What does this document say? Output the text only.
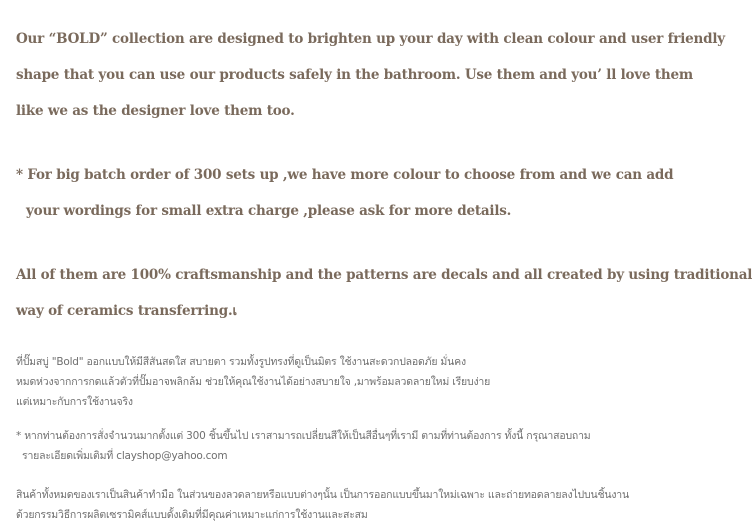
Our “BOLD” collection are designed to brighten up your day with clean colour and user friendly

shape that you can use our products safely in the bathroom. Use them and you’ ll love them

like we as the designer love them too.

* For big batch order of 300 sets up ,we have more colour to choose from and we can add

your wordings for small extra charge ,please ask for more details.

All of them are 100% craftsmanship and the patterns are decals and all created by using traditional

way of ceramics transferring.เ

ที่ปั๊มสบู่ "Bold" ออกแบบให้มีสีสันสดใส สบายตา รวมทั้งรูปทรงที่ดูเป็นมิตร ใช้งานสะดวกปลอดภัย มั่นคง
หมดห่วงจากการกดแล้วตัวที่ปั๊มอาจพลิกล้ม ช่วยให้คุณใช้งานได้อย่างสบายใจ ,มาพร้อมลวดลายใหม่ เรียบง่าย
แต่เหมาะกับการใช้งานจริง

* หากท่านต้องการสั่งจำนวนมากตั้งแต่ 300 ชิ้นขึ้นไป เราสามารถเปลี่ยนสีให้เป็นสีอื่นๆที่เรามี ตามที่ท่านต้องการ ทั้งนี้ กรุณาสอบถาม
รายละเอียดเพิ่มเติมที่ clayshop@yahoo.com

สินค้าทั้งหมดของเราเป็นสินค้าทำมือ ในส่วนของลวดลายหรือแบบต่างๆนั้น เป็นการออกแบบขึ้นมาใหม่เฉพาะ และถ่ายทอดลายลงไปบนชิ้นงาน
ด้วยกรรมวิธีการผลิตเซรามิคส์แบบดั้งเดิมที่มีคุณค่าเหมาะแก่การใช้งานและสะสม
